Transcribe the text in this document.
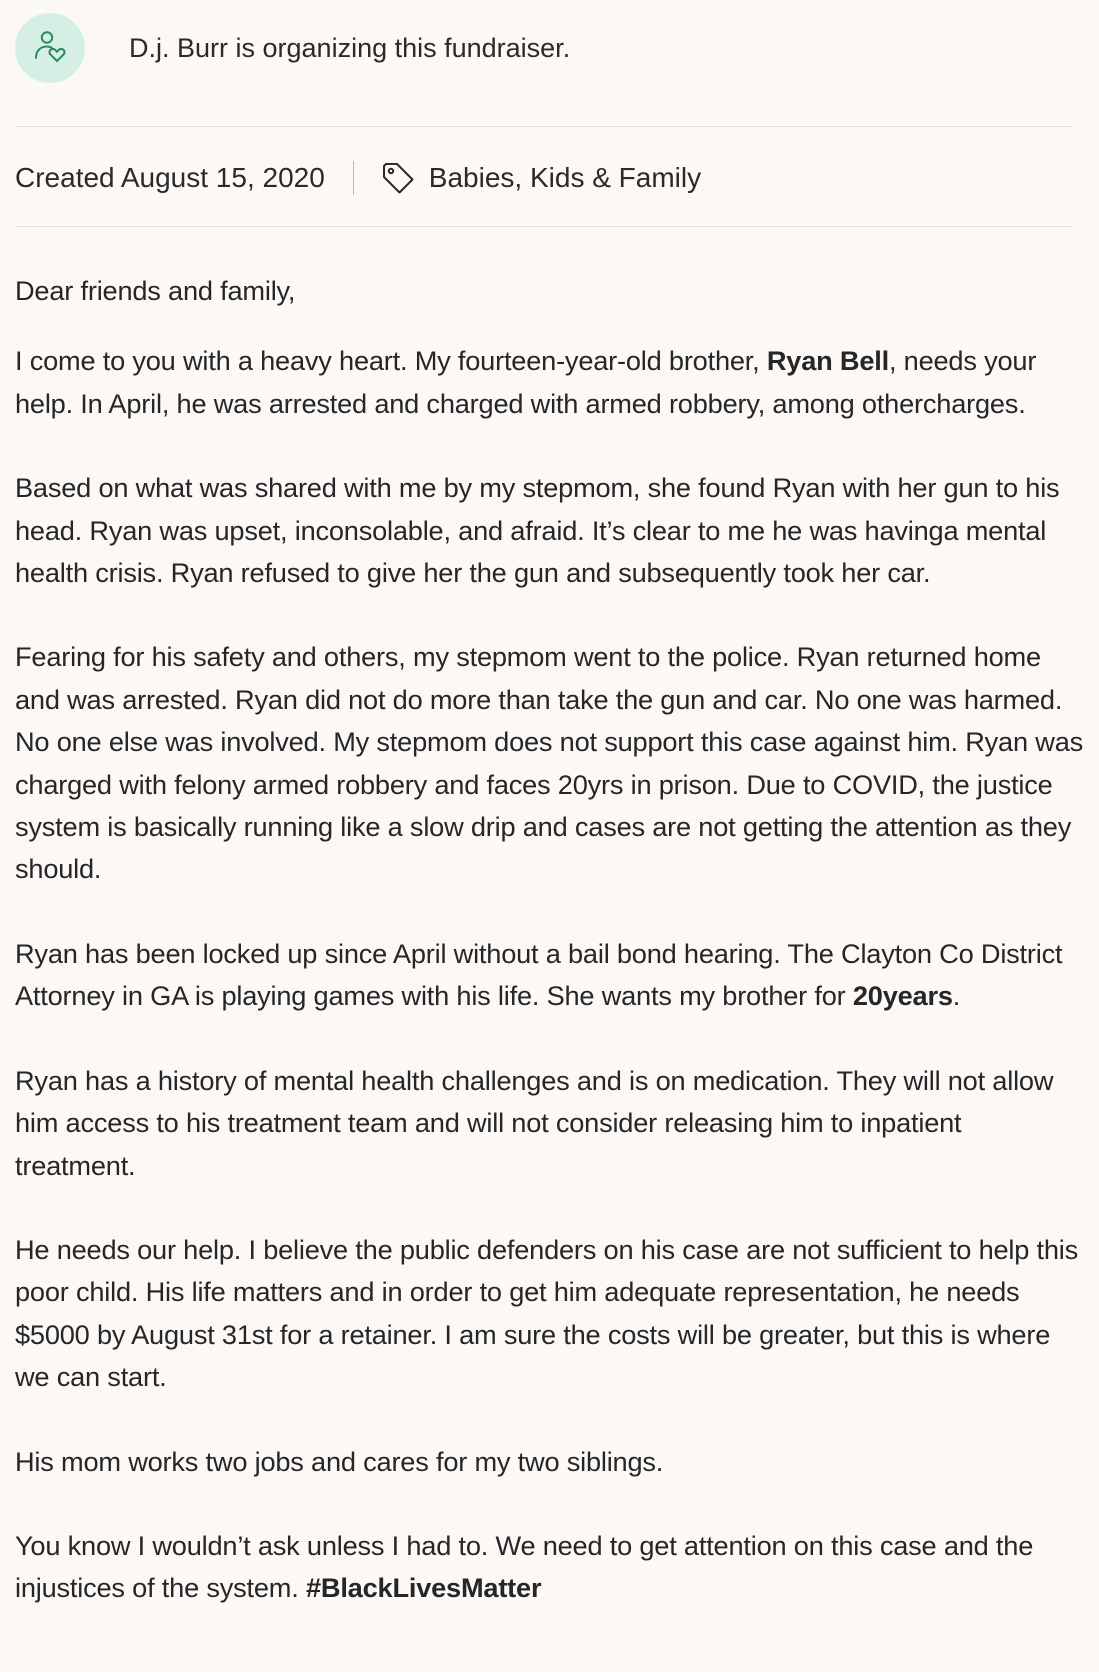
D.j. Burr is organizing this fundraiser.
Created August 15, 2020	Babies, Kids & Family

Dear friends and family,

I come to you with a heavy heart. My fourteen-year-old brother, Ryan Bell, needs your help. In April, he was arrested and charged with armed robbery, among othercharges.

Based on what was shared with me by my stepmom, she found Ryan with her gun to his head. Ryan was upset, inconsolable, and afraid. It’s clear to me he was havinga mental health crisis. Ryan refused to give her the gun and subsequently took her car.

Fearing for his safety and others, my stepmom went to the police. Ryan returned home and was arrested. Ryan did not do more than take the gun and car. No one was harmed. No one else was involved. My stepmom does not support this case against him. Ryan was charged with felony armed robbery and faces 20yrs in prison. Due to COVID, the justice system is basically running like a slow drip and cases are not getting the attention as they should.

Ryan has been locked up since April without a bail bond hearing. The Clayton Co District Attorney in GA is playing games with his life. She wants my brother for 20years.

Ryan has a history of mental health challenges and is on medication. They will not allow him access to his treatment team and will not consider releasing him to inpatient treatment.

He needs our help. I believe the public defenders on his case are not sufficient to help this poor child. His life matters and in order to get him adequate representation, he needs $5000 by August 31st for a retainer. I am sure the costs will be greater, but this is where we can start.

His mom works two jobs and cares for my two siblings.

You know I wouldn’t ask unless I had to. We need to get attention on this case and the injustices of the system. #BlackLivesMatter
